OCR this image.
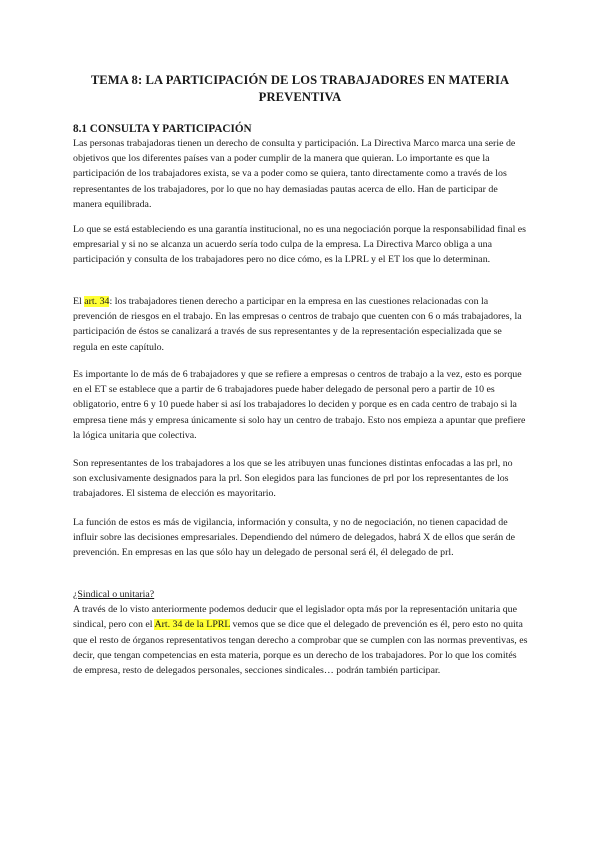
TEMA 8: LA PARTICIPACIÓN DE LOS TRABAJADORES EN MATERIA
PREVENTIVA
8.1 CONSULTA Y PARTICIPACIÓN
Las personas trabajadoras tienen un derecho de consulta y participación. La Directiva Marco marca una serie de objetivos que los diferentes países van a poder cumplir de la manera que quieran. Lo importante es que la participación de los trabajadores exista, se va a poder como se quiera, tanto directamente como a través de los representantes de los trabajadores, por lo que no hay demasiadas pautas acerca de ello. Han de participar de manera equilibrada.
Lo que se está estableciendo es una garantía institucional, no es una negociación porque la responsabilidad final es empresarial y si no se alcanza un acuerdo sería todo culpa de la empresa. La Directiva Marco obliga a una participación y consulta de los trabajadores pero no dice cómo, es la LPRL y el ET los que lo determinan.
El art. 34: los trabajadores tienen derecho a participar en la empresa en las cuestiones relacionadas con la prevención de riesgos en el trabajo. En las empresas o centros de trabajo que cuenten con 6 o más trabajadores, la participación de éstos se canalizará a través de sus representantes y de la representación especializada que se regula en este capítulo.
Es importante lo de más de 6 trabajadores y que se refiere a empresas o centros de trabajo a la vez, esto es porque en el ET se establece que a partir de 6 trabajadores puede haber delegado de personal pero a partir de 10 es obligatorio, entre 6 y 10 puede haber si así los trabajadores lo deciden y porque es en cada centro de trabajo si la empresa tiene más y empresa únicamente si solo hay un centro de trabajo. Esto nos empieza a apuntar que prefiere la lógica unitaria que colectiva.
Son representantes de los trabajadores a los que se les atribuyen unas funciones distintas enfocadas a las prl, no son exclusivamente designados para la prl. Son elegidos para las funciones de prl por los representantes de los trabajadores. El sistema de elección es mayoritario.
La función de estos es más de vigilancia, información y consulta, y no de negociación, no tienen capacidad de influir sobre las decisiones empresariales. Dependiendo del número de delegados, habrá X de ellos que serán de prevención. En empresas en las que sólo hay un delegado de personal será él, él delegado de prl.
¿Sindical o unitaria?
A través de lo visto anteriormente podemos deducir que el legislador opta más por la representación unitaria que sindical, pero con el Art. 34 de la LPRL vemos que se dice que el delegado de prevención es él, pero esto no quita que el resto de órganos representativos tengan derecho a comprobar que se cumplen con las normas preventivas, es decir, que tengan competencias en esta materia, porque es un derecho de los trabajadores. Por lo que los comités de empresa, resto de delegados personales, secciones sindicales… podrán también participar.
